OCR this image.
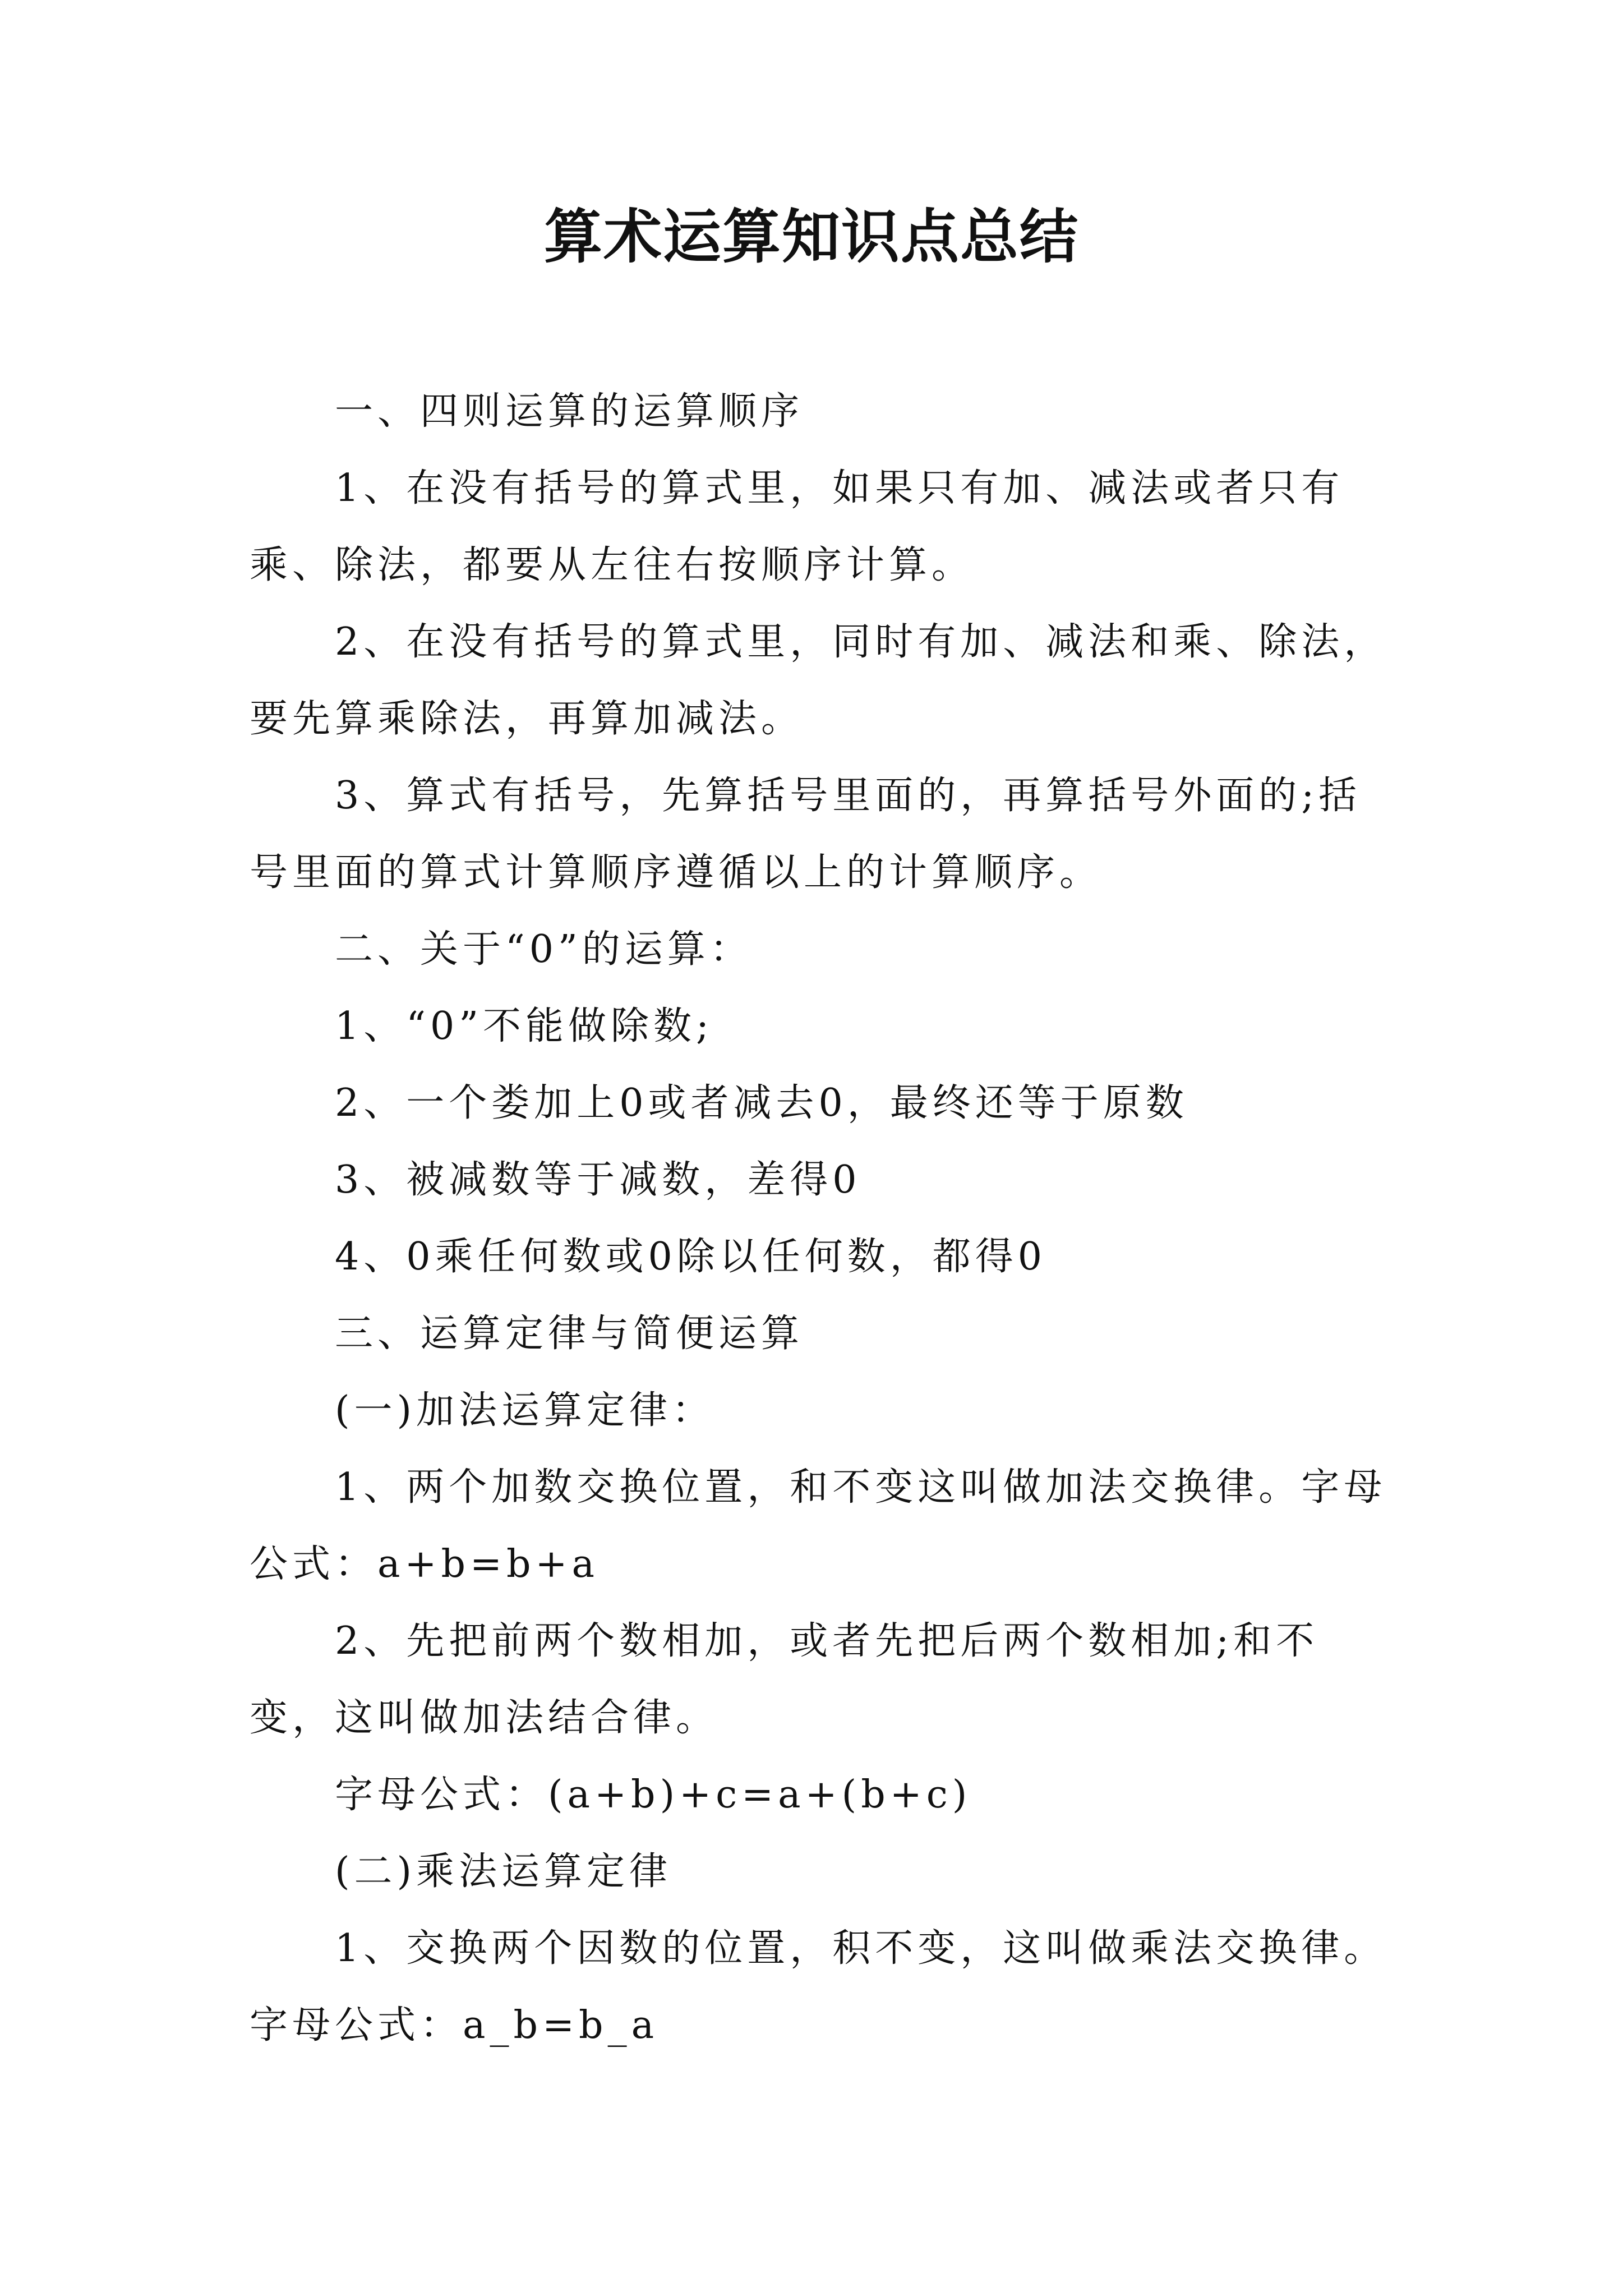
算术运算知识点总结

一、四则运算的运算顺序

1、在没有括号的算式里，如果只有加、减法或者只有乘、除法，都要从左往右按顺序计算。

2、在没有括号的算式里，同时有加、减法和乘、除法，要先算乘除法，再算加减法。

3、算式有括号，先算括号里面的，再算括号外面的;括号里面的算式计算顺序遵循以上的计算顺序。

二、关于“0”的运算：

1、“0”不能做除数;

2、一个娄加上0或者减去0，最终还等于原数

3、被减数等于减数，差得0

4、0乘任何数或0除以任何数，都得0

三、运算定律与简便运算

(一)加法运算定律：

1、两个加数交换位置，和不变这叫做加法交换律。字母公式：a+b=b+a

2、先把前两个数相加，或者先把后两个数相加;和不变，这叫做加法结合律。

字母公式：(a+b)+c=a+(b+c)

(二)乘法运算定律

1、交换两个因数的位置，积不变，这叫做乘法交换律。字母公式：a_b=b_a
